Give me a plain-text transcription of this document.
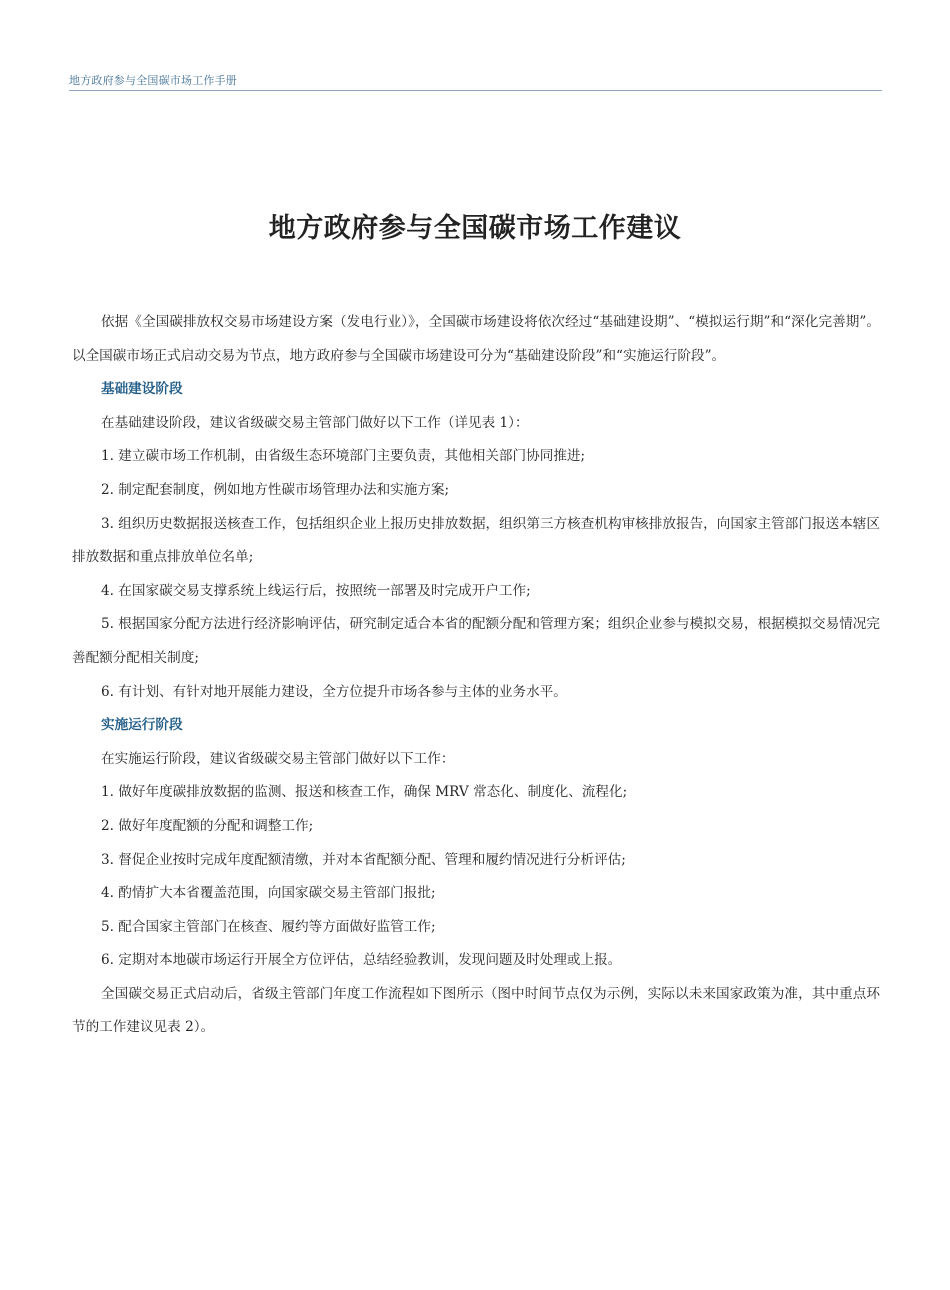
地方政府参与全国碳市场工作手册
地方政府参与全国碳市场工作建议

依据《全国碳排放权交易市场建设方案（发电行业）》，全国碳市场建设将依次经过“基础建设期”、“模拟运行期”和“深化完善期”。以全国碳市场正式启动交易为节点，地方政府参与全国碳市场建设可分为“基础建设阶段”和“实施运行阶段”。

基础建设阶段

在基础建设阶段，建议省级碳交易主管部门做好以下工作（详见表 1）：

1. 建立碳市场工作机制，由省级生态环境部门主要负责，其他相关部门协同推进;

2. 制定配套制度，例如地方性碳市场管理办法和实施方案;

3. 组织历史数据报送核查工作，包括组织企业上报历史排放数据，组织第三方核查机构审核排放报告，向国家主管部门报送本辖区排放数据和重点排放单位名单;

4. 在国家碳交易支撑系统上线运行后，按照统一部署及时完成开户工作;

5. 根据国家分配方法进行经济影响评估，研究制定适合本省的配额分配和管理方案；组织企业参与模拟交易，根据模拟交易情况完善配额分配相关制度;

6. 有计划、有针对地开展能力建设，全方位提升市场各参与主体的业务水平。

实施运行阶段

在实施运行阶段，建议省级碳交易主管部门做好以下工作：

1. 做好年度碳排放数据的监测、报送和核查工作，确保 MRV 常态化、制度化、流程化;

2. 做好年度配额的分配和调整工作;

3. 督促企业按时完成年度配额清缴，并对本省配额分配、管理和履约情况进行分析评估;

4. 酌情扩大本省覆盖范围，向国家碳交易主管部门报批;

5. 配合国家主管部门在核查、履约等方面做好监管工作;

6. 定期对本地碳市场运行开展全方位评估，总结经验教训，发现问题及时处理或上报。

全国碳交易正式启动后，省级主管部门年度工作流程如下图所示（图中时间节点仅为示例，实际以未来国家政策为准，其中重点环节的工作建议见表 2）。
